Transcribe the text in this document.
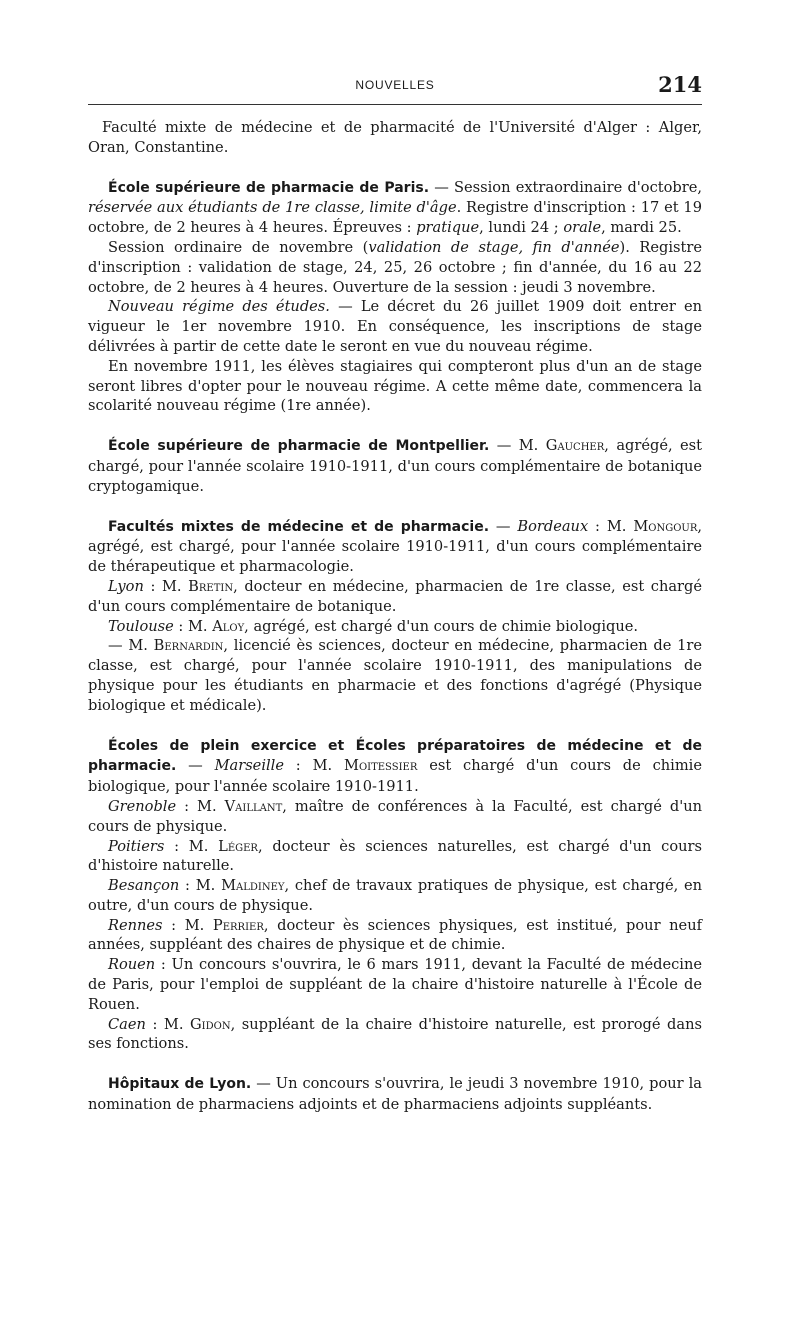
NOUVELLES	214

Faculté mixte de médecine et de pharmacité de l'Université d'Alger : Alger, Oran, Constantine.

École supérieure de pharmacie de Paris. — Session extraordinaire d'octobre, réservée aux étudiants de 1re classe, limite d'âge. Registre d'inscription : 17 et 19 octobre, de 2 heures à 4 heures. Épreuves : pratique, lundi 24 ; orale, mardi 25.

Session ordinaire de novembre (validation de stage, fin d'année). Registre d'inscription : validation de stage, 24, 25, 26 octobre ; fin d'année, du 16 au 22 octobre, de 2 heures à 4 heures. Ouverture de la session : jeudi 3 novembre.

Nouveau régime des études. — Le décret du 26 juillet 1909 doit entrer en vigueur le 1er novembre 1910. En conséquence, les inscriptions de stage délivrées à partir de cette date le seront en vue du nouveau régime.

En novembre 1911, les élèves stagiaires qui compteront plus d'un an de stage seront libres d'opter pour le nouveau régime. A cette même date, commencera la scolarité nouveau régime (1re année).

École supérieure de pharmacie de Montpellier. — M. Gaucher, agrégé, est chargé, pour l'année scolaire 1910-1911, d'un cours complémentaire de botanique cryptogamique.

Facultés mixtes de médecine et de pharmacie. — Bordeaux : M. Mongour, agrégé, est chargé, pour l'année scolaire 1910-1911, d'un cours complémentaire de thérapeutique et pharmacologie.

Lyon : M. Bretin, docteur en médecine, pharmacien de 1re classe, est chargé d'un cours complémentaire de botanique.

Toulouse : M. Aloy, agrégé, est chargé d'un cours de chimie biologique.

— M. Bernardin, licencié ès sciences, docteur en médecine, pharmacien de 1re classe, est chargé, pour l'année scolaire 1910-1911, des manipulations de physique pour les étudiants en pharmacie et des fonctions d'agrégé (Physique biologique et médicale).

Écoles de plein exercice et Écoles préparatoires de médecine et de pharmacie. — Marseille : M. Moitessier est chargé d'un cours de chimie biologique, pour l'année scolaire 1910-1911.

Grenoble : M. Vaillant, maître de conférences à la Faculté, est chargé d'un cours de physique.

Poitiers : M. Léger, docteur ès sciences naturelles, est chargé d'un cours d'histoire naturelle.

Besançon : M. Maldiney, chef de travaux pratiques de physique, est chargé, en outre, d'un cours de physique.

Rennes : M. Perrier, docteur ès sciences physiques, est institué, pour neuf années, suppléant des chaires de physique et de chimie.

Rouen : Un concours s'ouvrira, le 6 mars 1911, devant la Faculté de médecine de Paris, pour l'emploi de suppléant de la chaire d'histoire naturelle à l'École de Rouen.

Caen : M. Gidon, suppléant de la chaire d'histoire naturelle, est prorogé dans ses fonctions.

Hôpitaux de Lyon. — Un concours s'ouvrira, le jeudi 3 novembre 1910, pour la nomination de pharmaciens adjoints et de pharmaciens adjoints suppléants.
